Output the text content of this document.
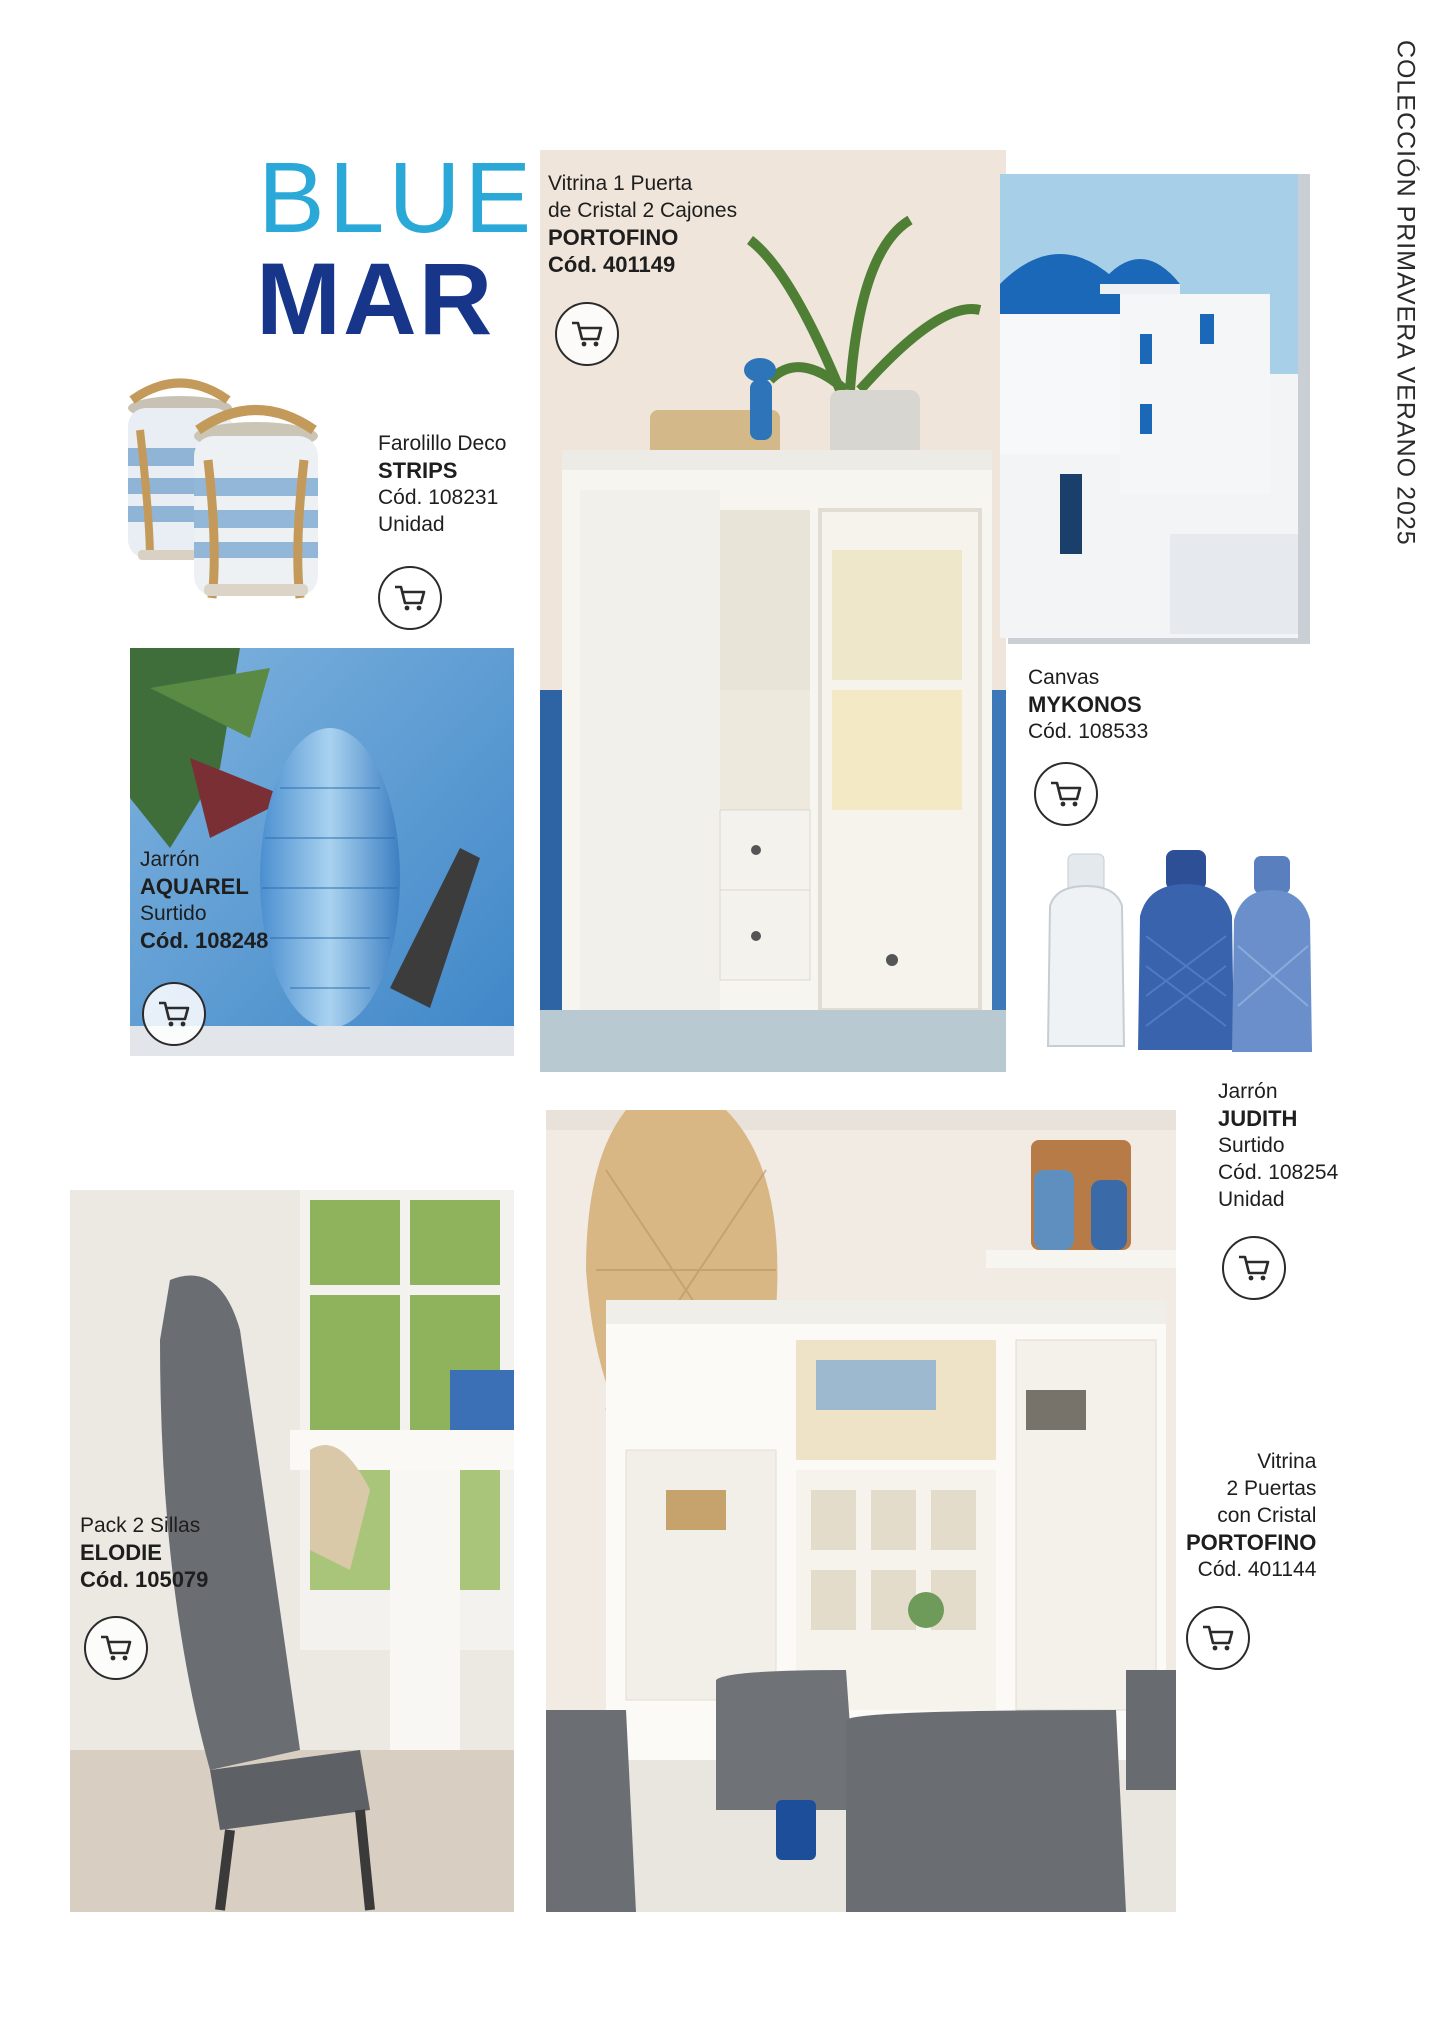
BLUE
MAR	COLECCIÓN PRIMAVERA VERANO 2025
Farolillo Deco
STRIPS
Cód. 108231
Unidad
Jarrón
AQUAREL
Surtido
Cód. 108248
Vitrina 1 Puerta
de Cristal 2 Cajones
PORTOFINO
Cód. 401149
Canvas
MYKONOS
Cód. 108533
Jarrón
JUDITH
Surtido
Cód. 108254
Unidad
Pack 2 Sillas
ELODIE
Cód. 105079
Vitrina
2 Puertas
con Cristal
PORTOFINO
Cód. 401144
